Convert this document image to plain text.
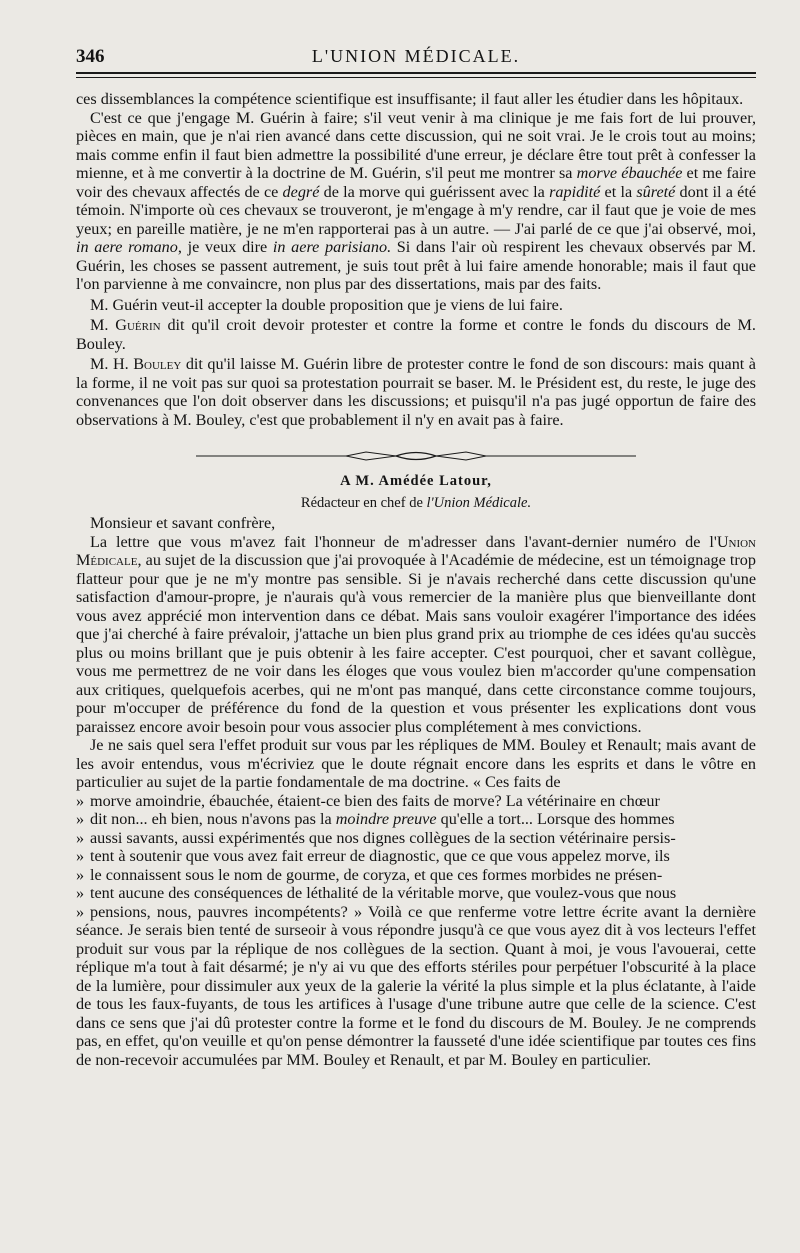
346	L'UNION MÉDICALE.

ces dissemblances la compétence scientifique est insuffisante; il faut aller les étudier dans les hôpitaux.

C'est ce que j'engage M. Guérin à faire; s'il veut venir à ma clinique je me fais fort de lui prouver, pièces en main, que je n'ai rien avancé dans cette discussion, qui ne soit vrai. Je le crois tout au moins; mais comme enfin il faut bien admettre la possibilité d'une erreur, je déclare être tout prêt à confesser la mienne, et à me convertir à la doctrine de M. Guérin, s'il peut me montrer sa morve ébauchée et me faire voir des chevaux affectés de ce degré de la morve qui guérissent avec la rapidité et la sûreté dont il a été témoin. N'importe où ces chevaux se trouveront, je m'engage à m'y rendre, car il faut que je voie de mes yeux; en pareille matière, je ne m'en rapporterai pas à un autre. — J'ai parlé de ce que j'ai observé, moi, in aere romano, je veux dire in aere parisiano. Si dans l'air où respirent les chevaux observés par M. Guérin, les choses se passent autrement, je suis tout prêt à lui faire amende honorable; mais il faut que l'on parvienne à me convaincre, non plus par des dissertations, mais par des faits.

M. Guérin veut-il accepter la double proposition que je viens de lui faire.

M. Guérin dit qu'il croit devoir protester et contre la forme et contre le fonds du discours de M. Bouley.

M. H. Bouley dit qu'il laisse M. Guérin libre de protester contre le fond de son discours: mais quant à la forme, il ne voit pas sur quoi sa protestation pourrait se baser. M. le Président est, du reste, le juge des convenances que l'on doit observer dans les discussions; et puisqu'il n'a pas jugé opportun de faire des observations à M. Bouley, c'est que probablement il n'y en avait pas à faire.

A M. Amédée Latour,
Rédacteur en chef de l'Union Médicale.

Monsieur et savant confrère,

La lettre que vous m'avez fait l'honneur de m'adresser dans l'avant-dernier numéro de l'Union Médicale, au sujet de la discussion que j'ai provoquée à l'Académie de médecine, est un témoignage trop flatteur pour que je ne m'y montre pas sensible. Si je n'avais recherché dans cette discussion qu'une satisfaction d'amour-propre, je n'aurais qu'à vous remercier de la manière plus que bienveillante dont vous avez apprécié mon intervention dans ce débat. Mais sans vouloir exagérer l'importance des idées que j'ai cherché à faire prévaloir, j'attache un bien plus grand prix au triomphe de ces idées qu'au succès plus ou moins brillant que je puis obtenir à les faire accepter. C'est pourquoi, cher et savant collègue, vous me permettrez de ne voir dans les éloges que vous voulez bien m'accorder qu'une compensation aux critiques, quelquefois acerbes, qui ne m'ont pas manqué, dans cette circonstance comme toujours, pour m'occuper de préférence du fond de la question et vous présenter les explications dont vous paraissez encore avoir besoin pour vous associer plus complétement à mes convictions.

Je ne sais quel sera l'effet produit sur vous par les répliques de MM. Bouley et Renault; mais avant de les avoir entendus, vous m'écriviez que le doute régnait encore dans les esprits et dans le vôtre en particulier au sujet de la partie fondamentale de ma doctrine. « Ces faits de

» morve amoindrie, ébauchée, étaient-ce bien des faits de morve? La vétérinaire en chœur

» dit non... eh bien, nous n'avons pas la moindre preuve qu'elle a tort... Lorsque des hommes

» aussi savants, aussi expérimentés que nos dignes collègues de la section vétérinaire persis-

» tent à soutenir que vous avez fait erreur de diagnostic, que ce que vous appelez morve, ils

» le connaissent sous le nom de gourme, de coryza, et que ces formes morbides ne présen-

» tent aucune des conséquences de léthalité de la véritable morve, que voulez-vous que nous

» pensions, nous, pauvres incompétents? » Voilà ce que renferme votre lettre écrite avant la dernière séance. Je serais bien tenté de surseoir à vous répondre jusqu'à ce que vous ayez dit à vos lecteurs l'effet produit sur vous par la réplique de nos collègues de la section. Quant à moi, je vous l'avouerai, cette réplique m'a tout à fait désarmé; je n'y ai vu que des efforts stériles pour perpétuer l'obscurité à la place de la lumière, pour dissimuler aux yeux de la galerie la vérité la plus simple et la plus éclatante, à l'aide de tous les faux-fuyants, de tous les artifices à l'usage d'une tribune autre que celle de la science. C'est dans ce sens que j'ai dû protester contre la forme et le fond du discours de M. Bouley. Je ne comprends pas, en effet, qu'on veuille et qu'on pense démontrer la fausseté d'une idée scientifique par toutes ces fins de non-recevoir accumulées par MM. Bouley et Renault, et par M. Bouley en particulier.
